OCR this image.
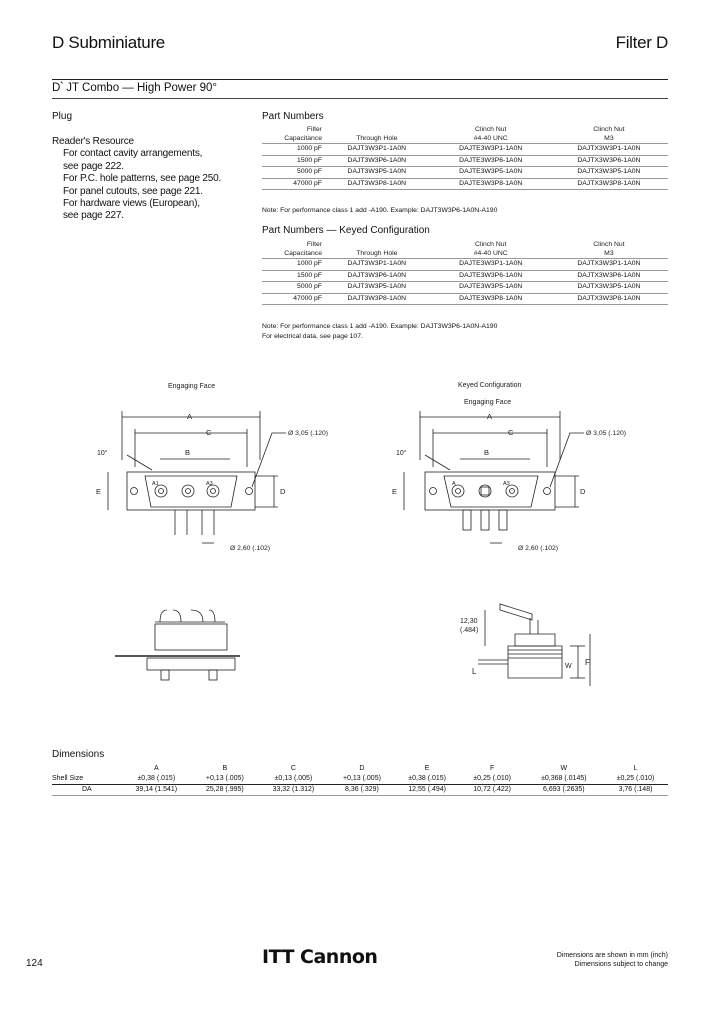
D Subminiature	Filter D
D* JT Combo — High Power 90°
Plug
Reader's Resource
For contact cavity arrangements,
see page 222.
For P.C. hole patterns, see page 250.
For panel cutouts, see page 221.
For hardware views (European),
see page 227.
Part Numbers
Filter		Clinch Nut	Clinch Nut
Capacitance	Through Hole	#4-40 UNC	M3
1000 pF	DAJT3W3P1-1A0N	DAJTE3W3P1-1A0N	DAJTX3W3P1-1A0N
1500 pF	DAJT3W3P6-1A0N	DAJTE3W3P6-1A0N	DAJTX3W3P6-1A0N
5000 pF	DAJT3W3P5-1A0N	DAJTE3W3P5-1A0N	DAJTX3W3P5-1A0N
47000 pF	DAJT3W3P8-1A0N	DAJTE3W3P8-1A0N	DAJTX3W3P8-1A0N
Note: For performance class 1 add -A190. Example: DAJT3W3P6-1A0N-A190
Part Numbers — Keyed Configuration
Filter		Clinch Nut	Clinch Nut
Capacitance	Through Hole	#4-40 UNC	M3
1000 pF	DAJT3W3P1-1A0N	DAJTE3W3P1-1A0N	DAJTX3W3P1-1A0N
1500 pF	DAJT3W3P6-1A0N	DAJTE3W3P6-1A0N	DAJTX3W3P6-1A0N
5000 pF	DAJT3W3P5-1A0N	DAJTE3W3P5-1A0N	DAJTX3W3P5-1A0N
47000 pF	DAJT3W3P8-1A0N	DAJTE3W3P8-1A0N	DAJTX3W3P8-1A0N
Note: For performance class 1 add -A190. Example: DAJT3W3P6-1A0N-A190
For electrical data, see page 107.
Engaging Face
A
C
B
E	D
10°
Ø 3,05 (.120)
Ø 2,60 (.102)
A1	A3
Keyed Configuration
Engaging Face
A
C
B
E	D
10°
Ø 3,05 (.120)
Ø 2,60 (.102)
A	A3
12,30
(.484)
W F
L
Dimensions
	A	B	C	D	E	F	W	L
Shell Size	±0,38 (.015)	+0,13 (.005)	±0,13 (.005)	+0,13 (.005)	±0,38 (.015)	±0,25 (.010)	±0,368 (.0145)	±0,25 (.010)
DA	39,14 (1.541)	25,28 (.995)	33,32 (1.312)	8,36 (.329)	12,55 (.494)	10,72 (.422)	6,693 (.2635)	3,76 (.148)
124	ITT Cannon	Dimensions are shown in mm (inch)
Dimensions subject to change
